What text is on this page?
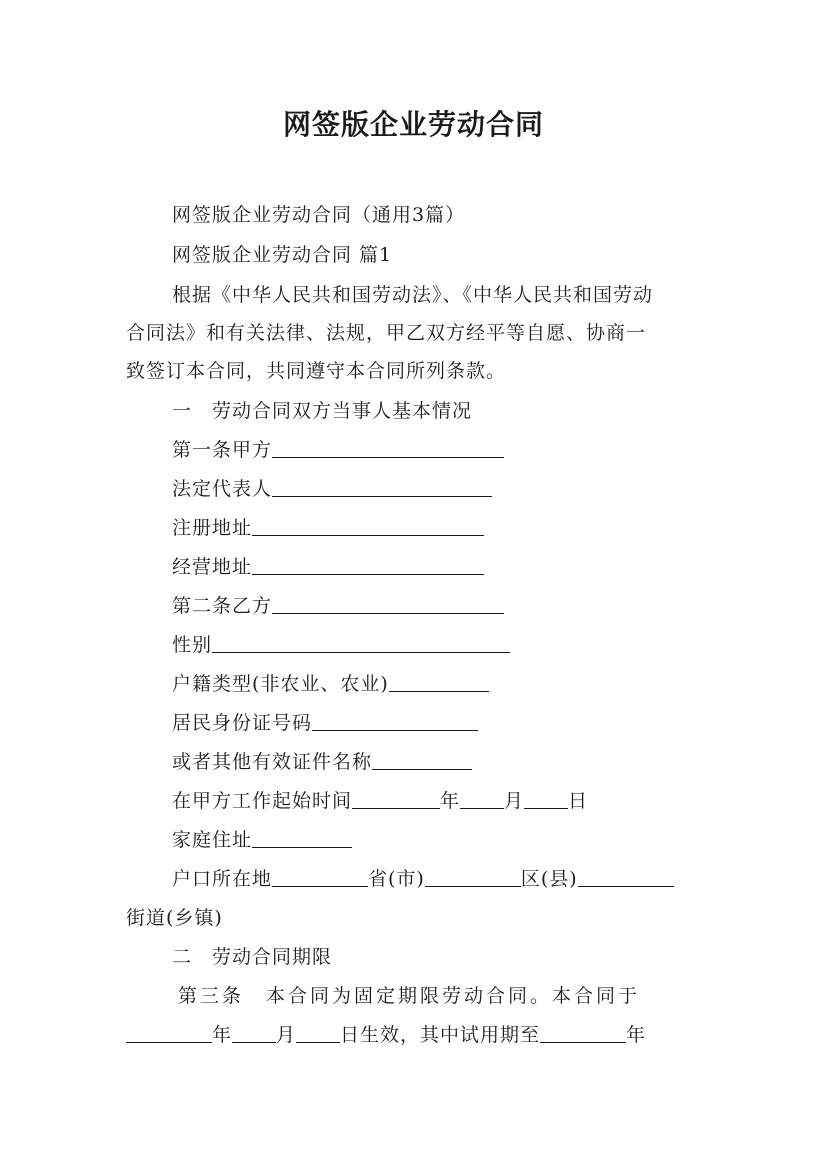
网签版企业劳动合同
网签版企业劳动合同（通用3篇）
网签版企业劳动合同 篇1
根据《中华人民共和国劳动法》、《中华人民共和国劳动
合同法》和有关法律、法规，甲乙双方经平等自愿、协商一
致签订本合同，共同遵守本合同所列条款。
一　劳动合同双方当事人基本情况
第一条甲方
法定代表人
注册地址
经营地址
第二条乙方
性别
户籍类型(非农业、农业)
居民身份证号码
或者其他有效证件名称
在甲方工作起始时间	年 月 日
家庭住址
户口所在地	省(市)	区(县)
街道(乡镇)
二　劳动合同期限
第三条　本合同为固定期限劳动合同。本合同于
年 月 日生效，其中试用期至	年
